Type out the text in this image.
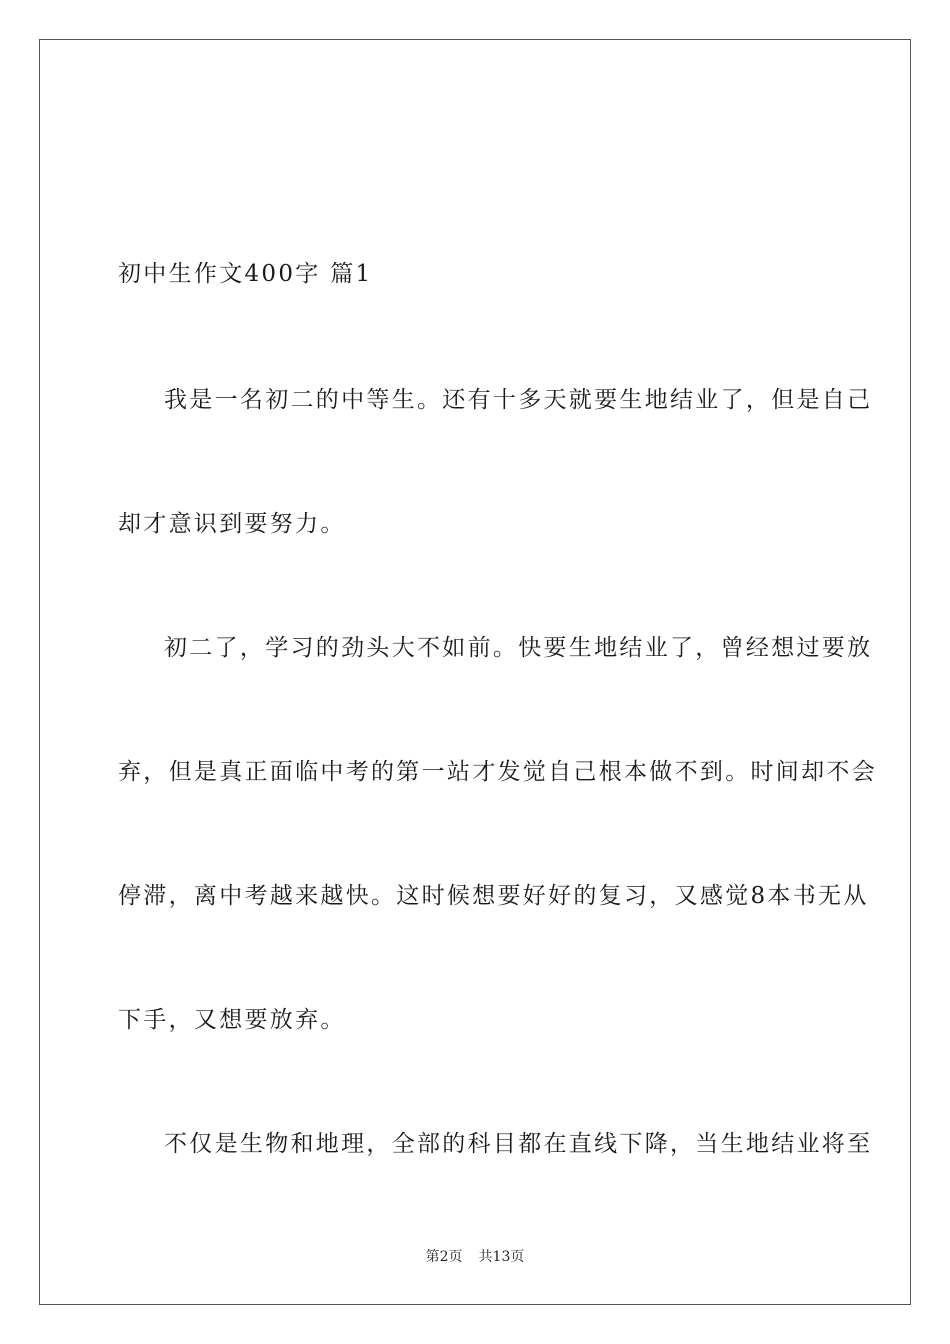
初中生作文400字 篇1
我是一名初二的中等生。还有十多天就要生地结业了，但是自己
却才意识到要努力。
初二了，学习的劲头大不如前。快要生地结业了，曾经想过要放
弃，但是真正面临中考的第一站才发觉自己根本做不到。时间却不会
停滞，离中考越来越快。这时候想要好好的复习，又感觉8本书无从
下手，又想要放弃。
不仅是生物和地理，全部的科目都在直线下降，当生地结业将至
第2页 共13页
